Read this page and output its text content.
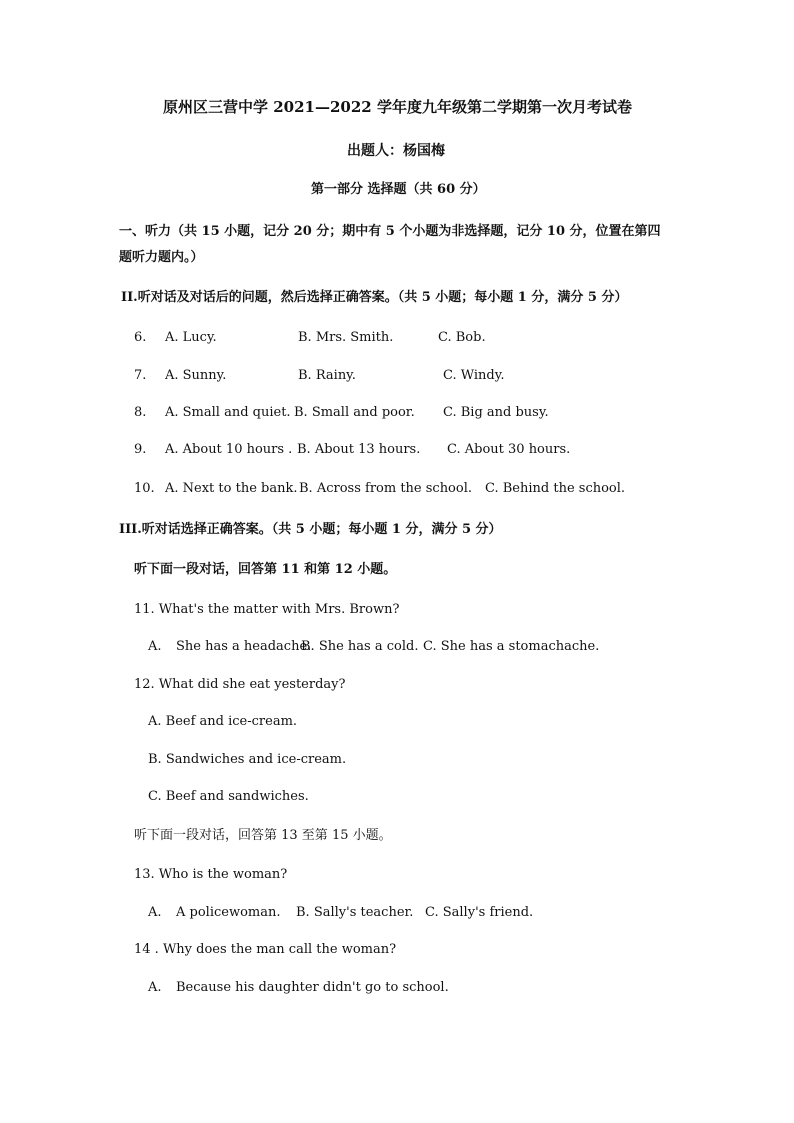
原州区三营中学 2021—2022 学年度九年级第二学期第一次月考试卷
出题人：杨国梅
第一部分 选择题（共 60 分）
一、听力（共 15 小题，记分 20 分；期中有 5 个小题为非选择题，记分 10 分，位置在第四
题听力题内。）
II.听对话及对话后的问题，然后选择正确答案。（共 5 小题；每小题 1 分，满分 5 分）
6. A. Lucy.	B. Mrs. Smith.	C. Bob.
7. A. Sunny.	B. Rainy.	C. Windy.
8. A. Small and quiet. B. Small and poor. C. Big and busy.
9. A. About 10 hours . B. About 13 hours. C. About 30 hours.
10. A. Next to the bank. B. Across from the school. C. Behind the school.
III.听对话选择正确答案。（共 5 小题；每小题 1 分，满分 5 分）
听下面一段对话，回答第 11 和第 12 小题。
11. What's the matter with Mrs. Brown?
A. She has a headache.
B. She has a cold. C. She has a stomachache.
12. What did she eat yesterday?
A. Beef and ice-cream.
B. Sandwiches and ice-cream.
C. Beef and sandwiches.
听下面一段对话，回答第 13 至第 15 小题。
13. Who is the woman?
A. A policewoman. B. Sally's teacher. C. Sally's friend.
14 . Why does the man call the woman?
A. Because his daughter didn't go to school.
